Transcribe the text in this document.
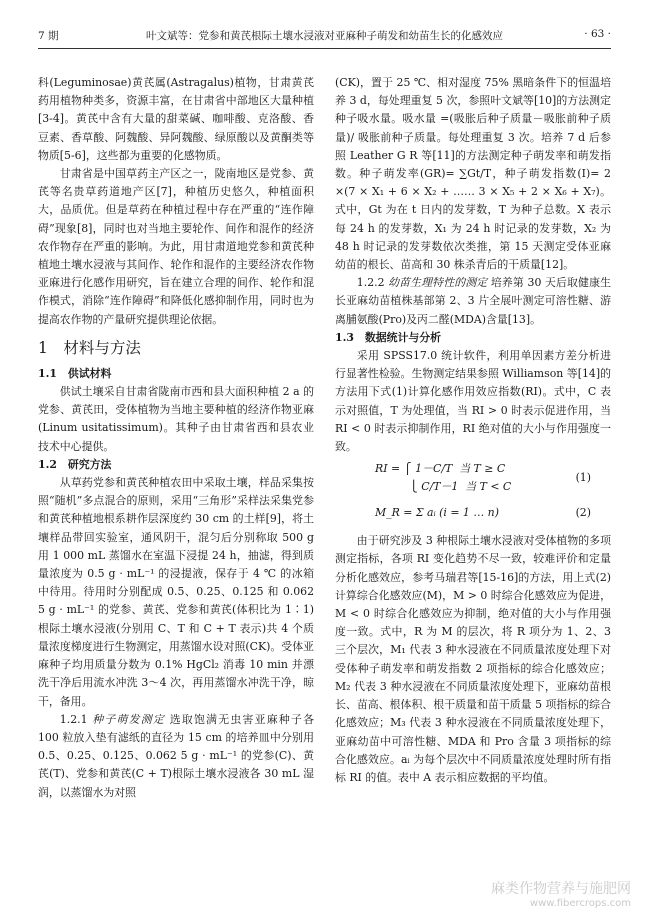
7 期	叶文斌等：党参和黄芪根际土壤水浸液对亚麻种子萌发和幼苗生长的化感效应	· 63 ·

科(Leguminosae)黄芪属(Astragalus)植物，甘肃黄芪药用植物种类多，资源丰富，在甘肃省中部地区大量种植[3-4]。黄芪中含有大量的甜菜碱、咖啡酸、克洛酸、香豆素、香草酸、阿魏酸、异阿魏酸、绿原酸以及黄酮类等物质[5-6]，这些都为重要的化感物质。

甘肃省是中国草药主产区之一，陇南地区是党参、黄芪等名贵草药道地产区[7]，种植历史悠久，种植面积大，品质优。但是草药在种植过程中存在严重的“连作障碍”现象[8]，同时也对当地主要轮作、间作和混作的经济农作物存在严重的影响。为此，用甘肃道地党参和黄芪种植地土壤水浸液与其间作、轮作和混作的主要经济农作物亚麻进行化感作用研究，旨在建立合理的间作、轮作和混作模式，消除“连作障碍”和降低化感抑制作用，同时也为提高农作物的产量研究提供理论依据。

1　材料与方法
1.1　供试材料

供试土壤采自甘肃省陇南市西和县大面积种植 2 a 的党参、黄芪田，受体植物为当地主要种植的经济作物亚麻(Linum usitatissimum)。其种子由甘肃省西和县农业技术中心提供。

1.2　研究方法

从草药党参和黄芪种植农田中采取土壤，样品采集按照“随机”多点混合的原则，采用“三角形”采样法采集党参和黄芪种植地根系耕作层深度约 30 cm 的土样[9]，将土壤样品带回实验室，通风阴干，混匀后分别称取 500 g 用 1 000 mL 蒸馏水在室温下浸提 24 h，抽滤，得到质量浓度为 0.5 g · mL⁻¹ 的浸提液，保存于 4 ℃ 的冰箱中待用。待用时分别配成 0.5、0.25、0.125 和 0.062 5 g · mL⁻¹ 的党参、黄芪、党参和黄芪(体积比为 1∶1)根际土壤水浸液(分别用 C、T 和 C + T 表示)共 4 个质量浓度梯度进行生物测定，用蒸馏水设对照(CK)。受体亚麻种子均用质量分数为 0.1% HgCl₂ 消毒 10 min 并漂洗干净后用流水冲洗 3～4 次，再用蒸馏水冲洗干净，晾干，备用。

1.2.1 种子萌发测定 选取饱满无虫害亚麻种子各 100 粒放入垫有滤纸的直径为 15 cm 的培养皿中分别用 0.5、0.25、0.125、0.062 5 g · mL⁻¹ 的党参(C)、黄芪(T)、党参和黄芪(C + T)根际土壤水浸液各 30 mL 湿润，以蒸馏水为对照

(CK)，置于 25 ℃、相对湿度 75% 黑暗条件下的恒温培养 3 d，每处理重复 5 次，参照叶文斌等[10]的方法测定种子吸水量。吸水量 =(吸胀后种子质量－吸胀前种子质量)/ 吸胀前种子质量。每处理重复 3 次。培养 7 d 后参照 Leather G R 等[11]的方法测定种子萌发率和萌发指数。种子萌发率(GR)= ∑Gt/T，种子萌发指数(I)= 2 ×(7 × X₁ + 6 × X₂ + …… 3 × X₅ + 2 × X₆ + X₇)。式中，Gt 为在 t 日内的发芽数，T 为种子总数。X 表示每 24 h 的发芽数，X₁ 为 24 h 时记录的发芽数，X₂ 为 48 h 时记录的发芽数依次类推，第 15 天测定受体亚麻幼苗的根长、苗高和 30 株杀青后的干质量[12]。

1.2.2 幼苗生理特性的测定 培养第 30 天后取健康生长亚麻幼苗植株基部第 2、3 片全展叶测定可溶性糖、游离脯氨酸(Pro)及丙二醛(MDA)含量[13]。

1.3　数据统计与分析

采用 SPSS17.0 统计软件，利用单因素方差分析进行显著性检验。生物测定结果参照 Williamson 等[14]的方法用下式(1)计算化感作用效应指数(RI)。式中，C 表示对照值，T 为处理值，当 RI > 0 时表示促进作用，当 RI < 0 时表示抑制作用，RI 绝对值的大小与作用强度一致。

RI = ⎧ 1－C/T  当 T ≥ C
⎩ C/T－1  当 T < C
(1)
M_R = Σ aᵢ (i = 1 … n)	(2)

由于研究涉及 3 种根际土壤水浸液对受体植物的多项测定指标，各项 RI 变化趋势不尽一致，较难评价和定量分析化感效应，参考马瑞君等[15-16]的方法，用上式(2)计算综合化感效应(M)，M > 0 时综合化感效应为促进，M < 0 时综合化感效应为抑制，绝对值的大小与作用强度一致。式中，R 为 M 的层次，将 R 项分为 1、2、3 三个层次，M₁ 代表 3 种水浸液在不同质量浓度处理下对受体种子萌发率和萌发指数 2 项指标的综合化感效应；M₂ 代表 3 种水浸液在不同质量浓度处理下，亚麻幼苗根长、苗高、根体积、根干质量和苗干质量 5 项指标的综合化感效应；M₃ 代表 3 种水浸液在不同质量浓度处理下，亚麻幼苗中可溶性糖、MDA 和 Pro 含量 3 项指标的综合化感效应。aᵢ 为每个层次中不同质量浓度处理时所有指标 RI 的值。表中 A 表示相应数据的平均值。

麻类作物营养与施肥网
www.fibercrops.com
